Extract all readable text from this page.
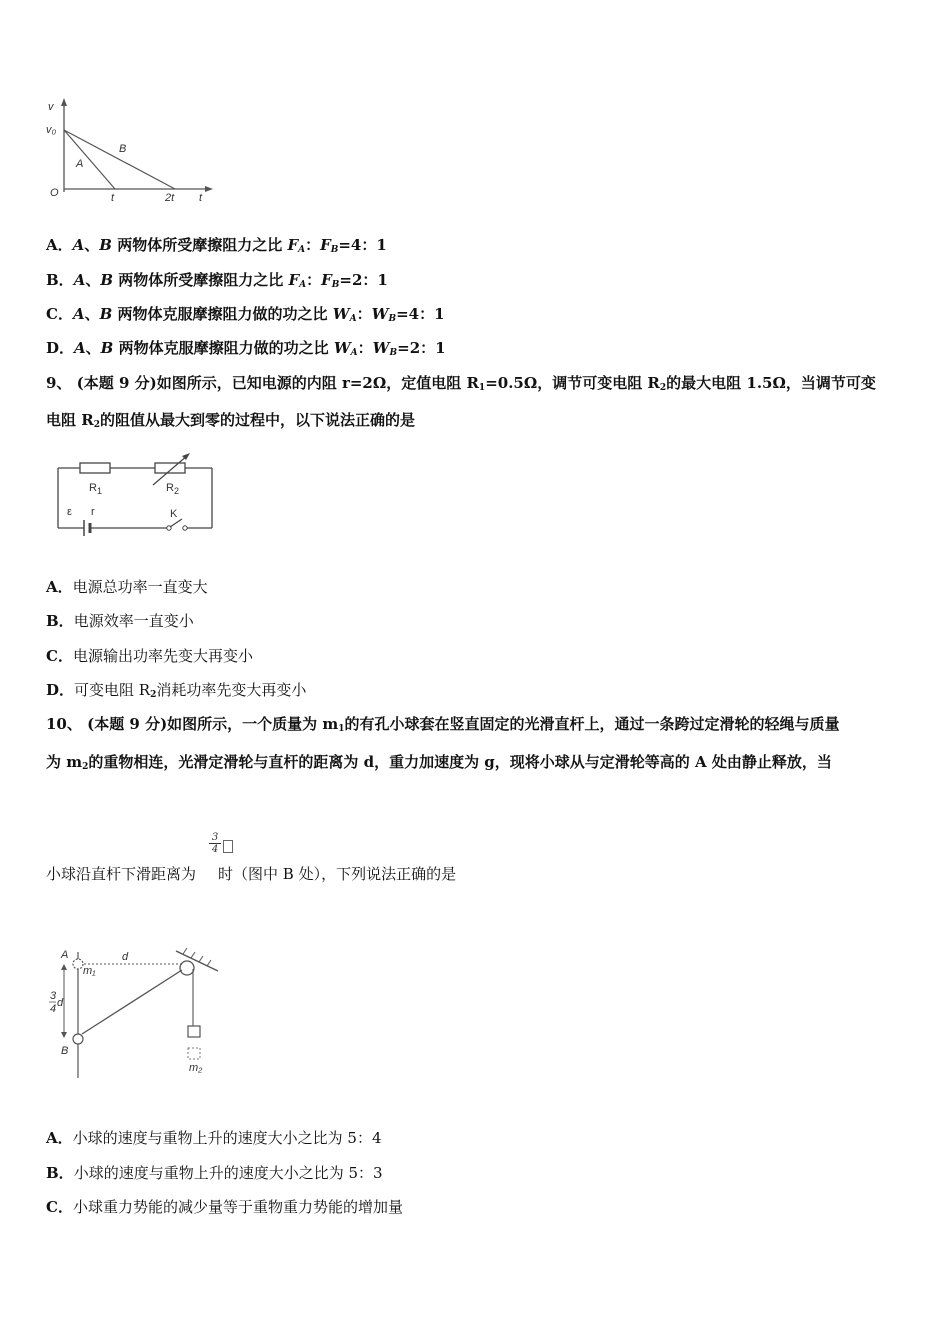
v
v₀
A
B
O	t	2t t
A．A、B 两物体所受摩擦阻力之比 $F_A$：$F_B=4$：1
B．A、B 两物体所受摩擦阻力之比 $F_A$：$F_B=2$：1
C．A、B 两物体克服摩擦阻力做的功之比 $W_A$：$W_B=4$：1
D．A、B 两物体克服摩擦阻力做的功之比 $W_A$：$W_B=2$：1
9、 (本题 9 分)如图所示，已知电源的内阻 r=2Ω，定值电阻 $R_1=0.5\Omega$，调节可变电阻 $R_2$的最大电阻 1.5Ω，当调节可变
电阻 $R_2$的阻值从最大到零的过程中，以下说法正确的是
$R_1$	$R_2$
ε r	K
A．电源总功率一直变大
B．电源效率一直变小
C．电源输出功率先变大再变小
D．可变电阻 $R_2$消耗功率先变大再变小
10、 (本题 9 分)如图所示，一个质量为 $m_1$的有孔小球套在竖直固定的光滑直杆上，通过一条跨过定滑轮的轻绳与质量
为 $m_2$的重物相连，光滑定滑轮与直杆的距离为 d，重力加速度为 g，现将小球从与定滑轮等高的 A 处由静止释放，当
$\frac{3}{4}$
小球沿直杆下滑距离为 时（图中 B 处），下列说法正确的是
A
m₁
d
3
4 d
B
m₂
A．小球的速度与重物上升的速度大小之比为 5：4
B．小球的速度与重物上升的速度大小之比为 5：3
C．小球重力势能的减少量等于重物重力势能的增加量
